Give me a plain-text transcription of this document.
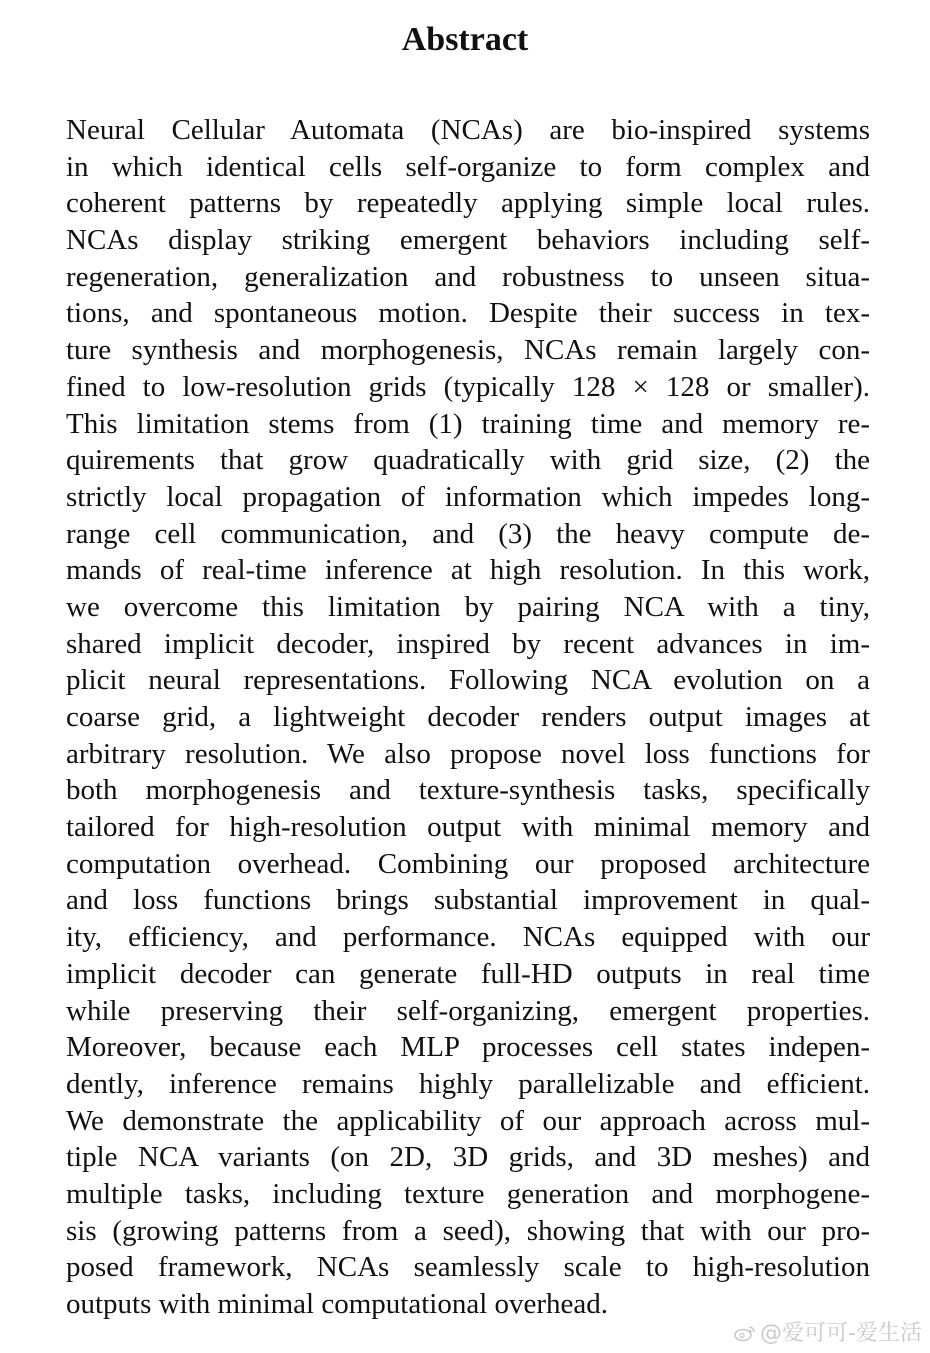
Abstract
Neural Cellular Automata (NCAs) are bio-inspired systems
in which identical cells self-organize to form complex and
coherent patterns by repeatedly applying simple local rules.
NCAs display striking emergent behaviors including self-
regeneration, generalization and robustness to unseen situa-
tions, and spontaneous motion. Despite their success in tex-
ture synthesis and morphogenesis, NCAs remain largely con-
fined to low-resolution grids (typically 128 × 128 or smaller).
This limitation stems from (1) training time and memory re-
quirements that grow quadratically with grid size, (2) the
strictly local propagation of information which impedes long-
range cell communication, and (3) the heavy compute de-
mands of real-time inference at high resolution. In this work,
we overcome this limitation by pairing NCA with a tiny,
shared implicit decoder, inspired by recent advances in im-
plicit neural representations. Following NCA evolution on a
coarse grid, a lightweight decoder renders output images at
arbitrary resolution. We also propose novel loss functions for
both morphogenesis and texture-synthesis tasks, specifically
tailored for high-resolution output with minimal memory and
computation overhead. Combining our proposed architecture
and loss functions brings substantial improvement in qual-
ity, efficiency, and performance. NCAs equipped with our
implicit decoder can generate full-HD outputs in real time
while preserving their self-organizing, emergent properties.
Moreover, because each MLP processes cell states indepen-
dently, inference remains highly parallelizable and efficient.
We demonstrate the applicability of our approach across mul-
tiple NCA variants (on 2D, 3D grids, and 3D meshes) and
multiple tasks, including texture generation and morphogene-
sis (growing patterns from a seed), showing that with our pro-
posed framework, NCAs seamlessly scale to high-resolution
outputs with minimal computational overhead.
@爱可可-爱生活
